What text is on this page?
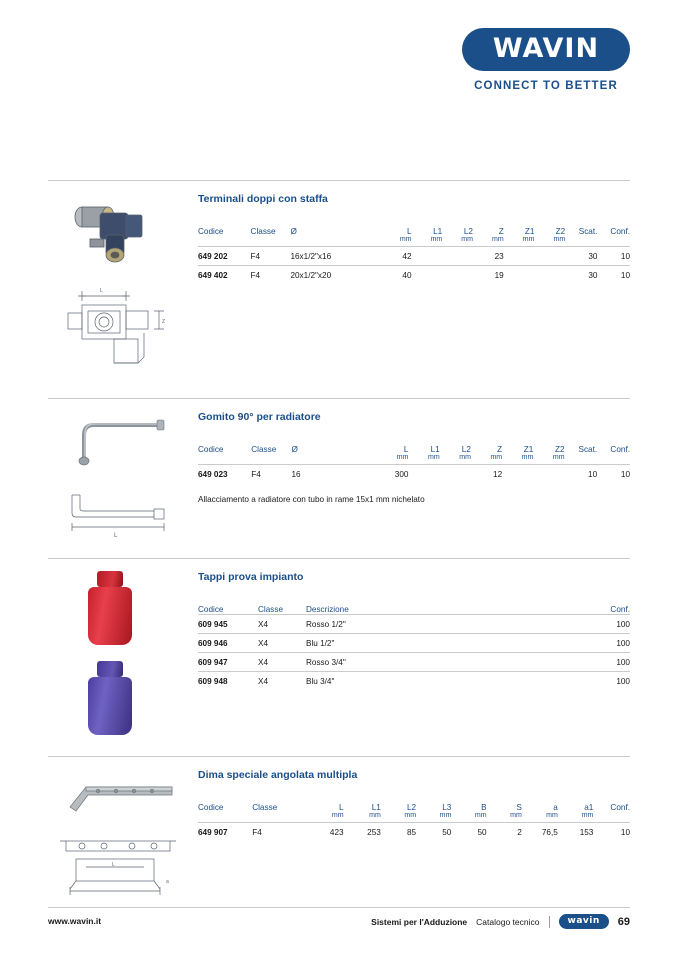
WAVIN
CONNECT TO BETTER
Terminali doppi con staffa
Codice	Classe	Ø	L	L1	L2	Z	Z1	Z2	Scat.	Conf.
			mm	mm	mm	mm	mm	mm		
649 202	F4	16x1/2"x16	42			23			30	10
649 402	F4	20x1/2"x20	40			19			30	10
L
Z
Gomito 90° per radiatore
Codice	Classe	Ø	L	L1	L2	Z	Z1	Z2	Scat.	Conf.
			mm	mm	mm	mm	mm	mm		
649 023	F4	16	300			12			10	10
Allacciamento a radiatore con tubo in rame 15x1 mm nichelato
L
Tappi prova impianto
Codice	Classe	Descrizione	Conf.
609 945	X4	Rosso 1/2"	100
609 946	X4	Blu 1/2"	100
609 947	X4	Rosso 3/4"	100
609 948	X4	Blu 3/4"	100
Dima speciale angolata multipla
Codice	Classe	L	L1	L2	L3	B	S	a	a1	Conf.
		mm	mm	mm	mm	mm	mm	mm	mm	
649 907	F4	423	253	85	50	50	2	76,5	153	10
L
a
www.wavin.it	Sistemi per l'Adduzione Catalogo tecnico	wavin	69
